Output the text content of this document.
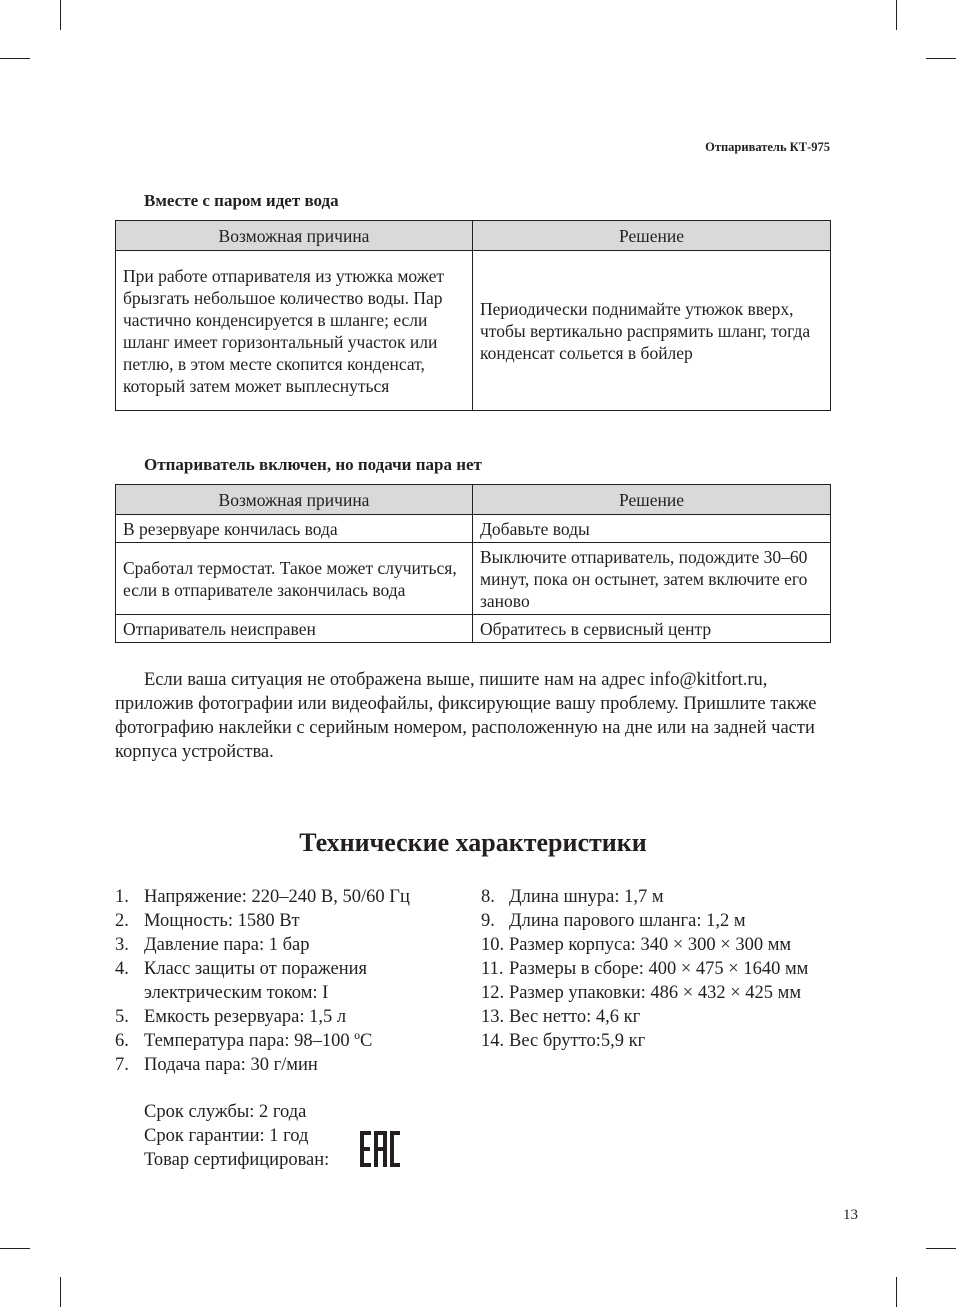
Отпариватель КТ-975
Вместе с паром идет вода
Возможная причина	Решение
При работе отпаривателя из утюжка может брызгать небольшое количество воды. Пар частично конденсируется в шланге; если шланг имеет горизонтальный участок или петлю, в этом месте скопится конденсат, который затем может выплеснуться	Периодически поднимайте утюжок вверх, чтобы вертикально распрямить шланг, тогда конденсат сольется в бойлер
Отпариватель включен, но подачи пара нет
Возможная причина	Решение
В резервуаре кончилась вода	Добавьте воды
Сработал термостат. Такое может случиться, если в отпаривателе закончилась вода	Выключите отпариватель, подождите 30–60 минут, пока он остынет, затем включите его заново
Отпариватель неисправен	Обратитесь в сервисный центр

Если ваша ситуация не отображена выше, пишите нам на адрес info@kitfort.ru, приложив фотографии или видеофайлы, фиксирующие вашу проблему. Пришлите также фотографию наклейки с серийным номером, расположенную на дне или на задней части корпуса устройства.

Технические характеристики
1. Напряжение: 220–240 В, 50/60 Гц
2. Мощность: 1580 Вт
3. Давление пара: 1 бар
4. Класс защиты от поражения электрическим током: I
5. Емкость резервуара: 1,5 л
6. Температура пара: 98–100 ºС
7. Подача пара: 30 г/мин
8. Длина шнура: 1,7 м
9. Длина парового шланга: 1,2 м
10. Размер корпуса: 340 × 300 × 300 мм
11. Размеры в сборе: 400 × 475 × 1640 мм
12. Размер упаковки: 486 × 432 × 425 мм
13. Вес нетто: 4,6 кг
14. Вес брутто:5,9 кг
Срок службы: 2 года
Срок гарантии: 1 год
Товар сертифицирован:
13
